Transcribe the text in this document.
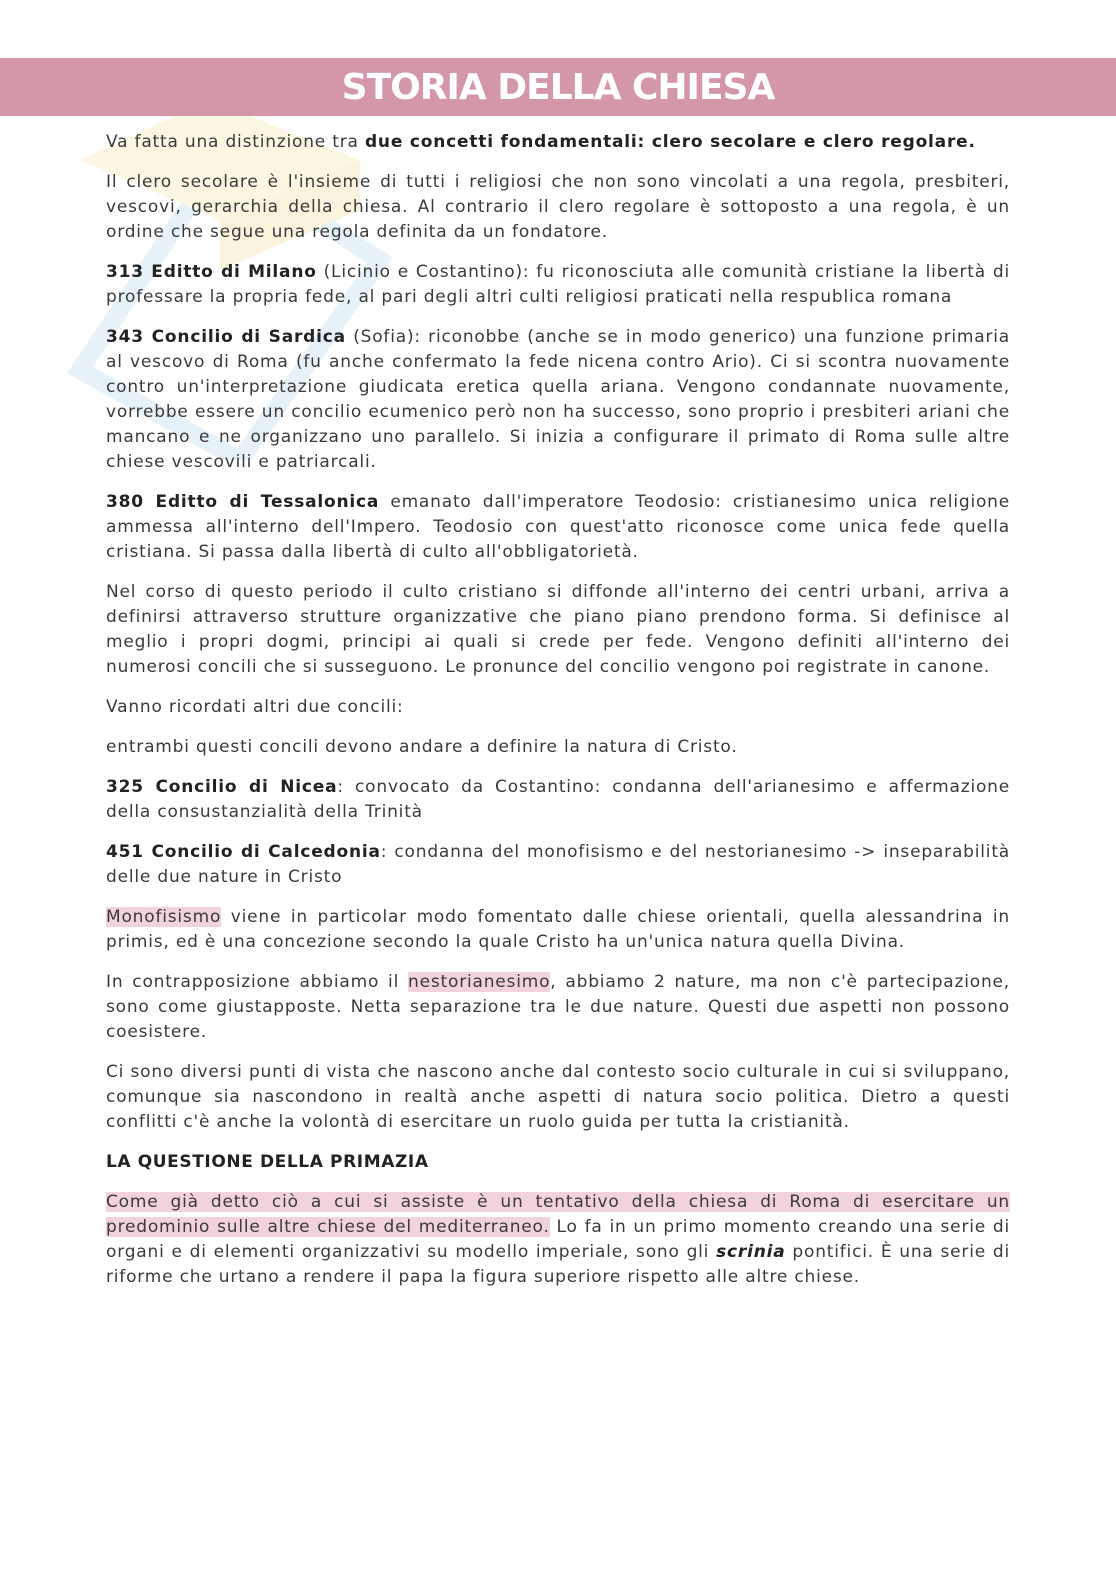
STORIA DELLA CHIESA

Va fatta una distinzione tra due concetti fondamentali: clero secolare e clero regolare.

Il clero secolare è l'insieme di tutti i religiosi che non sono vincolati a una regola, presbiteri, vescovi, gerarchia della chiesa. Al contrario il clero regolare è sottoposto a una regola, è un ordine che segue una regola definita da un fondatore.

313 Editto di Milano (Licinio e Costantino): fu riconosciuta alle comunità cristiane la libertà di professare la propria fede, al pari degli altri culti religiosi praticati nella respublica romana

343 Concilio di Sardica (Sofia): riconobbe (anche se in modo generico) una funzione primaria al vescovo di Roma (fu anche confermato la fede nicena contro Ario). Ci si scontra nuovamente contro un'interpretazione giudicata eretica quella ariana. Vengono condannate nuovamente, vorrebbe essere un concilio ecumenico però non ha successo, sono proprio i presbiteri ariani che mancano e ne organizzano uno parallelo. Si inizia a configurare il primato di Roma sulle altre chiese vescovili e patriarcali.

380 Editto di Tessalonica emanato dall'imperatore Teodosio: cristianesimo unica religione ammessa all'interno dell'Impero. Teodosio con quest'atto riconosce come unica fede quella cristiana. Si passa dalla libertà di culto all'obbligatorietà.

Nel corso di questo periodo il culto cristiano si diffonde all'interno dei centri urbani, arriva a definirsi attraverso strutture organizzative che piano piano prendono forma. Si definisce al meglio i propri dogmi, principi ai quali si crede per fede. Vengono definiti all'interno dei numerosi concili che si susseguono. Le pronunce del concilio vengono poi registrate in canone.

Vanno ricordati altri due concili:

entrambi questi concili devono andare a definire la natura di Cristo.

325 Concilio di Nicea: convocato da Costantino: condanna dell'arianesimo e affermazione della consustanzialità della Trinità

451 Concilio di Calcedonia: condanna del monofisismo e del nestorianesimo -> inseparabilità delle due nature in Cristo

Monofisismo viene in particolar modo fomentato dalle chiese orientali, quella alessandrina in primis, ed è una concezione secondo la quale Cristo ha un'unica natura quella Divina.

In contrapposizione abbiamo il nestorianesimo, abbiamo 2 nature, ma non c'è partecipazione, sono come giustapposte. Netta separazione tra le due nature. Questi due aspetti non possono coesistere.

Ci sono diversi punti di vista che nascono anche dal contesto socio culturale in cui si sviluppano, comunque sia nascondono in realtà anche aspetti di natura socio politica. Dietro a questi conflitti c'è anche la volontà di esercitare un ruolo guida per tutta la cristianità.

LA QUESTIONE DELLA PRIMAZIA

Come già detto ciò a cui si assiste è un tentativo della chiesa di Roma di esercitare un predominio sulle altre chiese del mediterraneo. Lo fa in un primo momento creando una serie di organi e di elementi organizzativi su modello imperiale, sono gli scrinia pontifici. È una serie di riforme che urtano a rendere il papa la figura superiore rispetto alle altre chiese.
